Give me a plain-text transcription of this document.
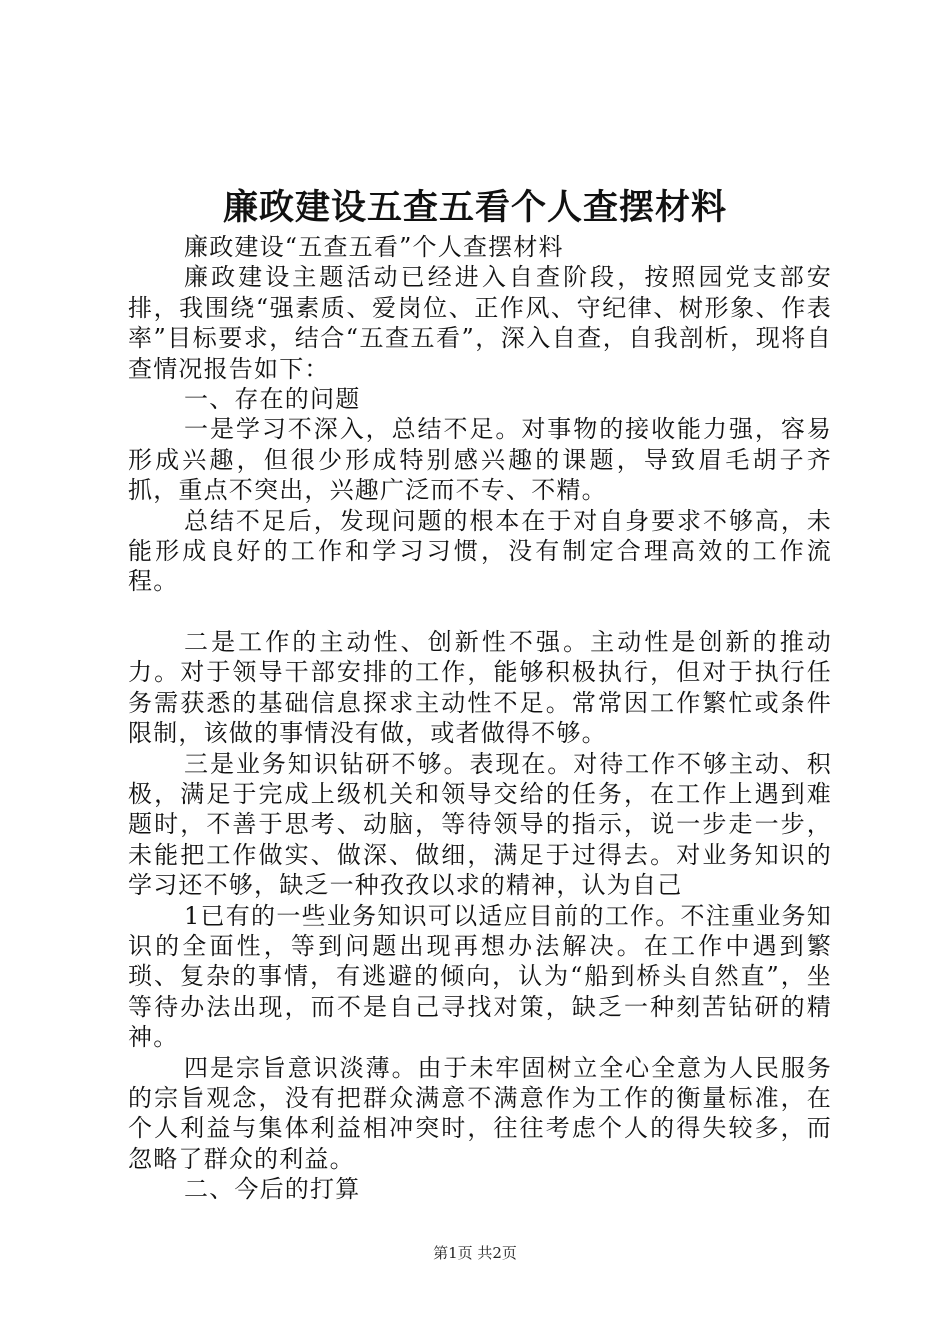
廉政建设五查五看个人查摆材料

廉政建设“五查五看”个人查摆材料

廉政建设主题活动已经进入自查阶段，按照园党支部安排，我围绕“强素质、爱岗位、正作风、守纪律、树形象、作表率”目标要求，结合“五查五看”，深入自查，自我剖析，现将自查情况报告如下：

一、存在的问题

一是学习不深入，总结不足。对事物的接收能力强，容易形成兴趣，但很少形成特别感兴趣的课题，导致眉毛胡子齐抓，重点不突出，兴趣广泛而不专、不精。

总结不足后，发现问题的根本在于对自身要求不够高，未能形成良好的工作和学习习惯，没有制定合理高效的工作流程。

二是工作的主动性、创新性不强。主动性是创新的推动力。对于领导干部安排的工作，能够积极执行，但对于执行任务需获悉的基础信息探求主动性不足。常常因工作繁忙或条件限制，该做的事情没有做，或者做得不够。

三是业务知识钻研不够。表现在。对待工作不够主动、积极，满足于完成上级机关和领导交给的任务，在工作上遇到难题时，不善于思考、动脑，等待领导的指示，说一步走一步，未能把工作做实、做深、做细，满足于过得去。对业务知识的学习还不够，缺乏一种孜孜以求的精神，认为自己

1已有的一些业务知识可以适应目前的工作。不注重业务知识的全面性，等到问题出现再想办法解决。在工作中遇到繁琐、复杂的事情，有逃避的倾向，认为“船到桥头自然直”，坐等待办法出现，而不是自己寻找对策，缺乏一种刻苦钻研的精神。

四是宗旨意识淡薄。由于未牢固树立全心全意为人民服务的宗旨观念，没有把群众满意不满意作为工作的衡量标准，在个人利益与集体利益相冲突时，往往考虑个人的得失较多，而忽略了群众的利益。

二、今后的打算

第1页 共2页
